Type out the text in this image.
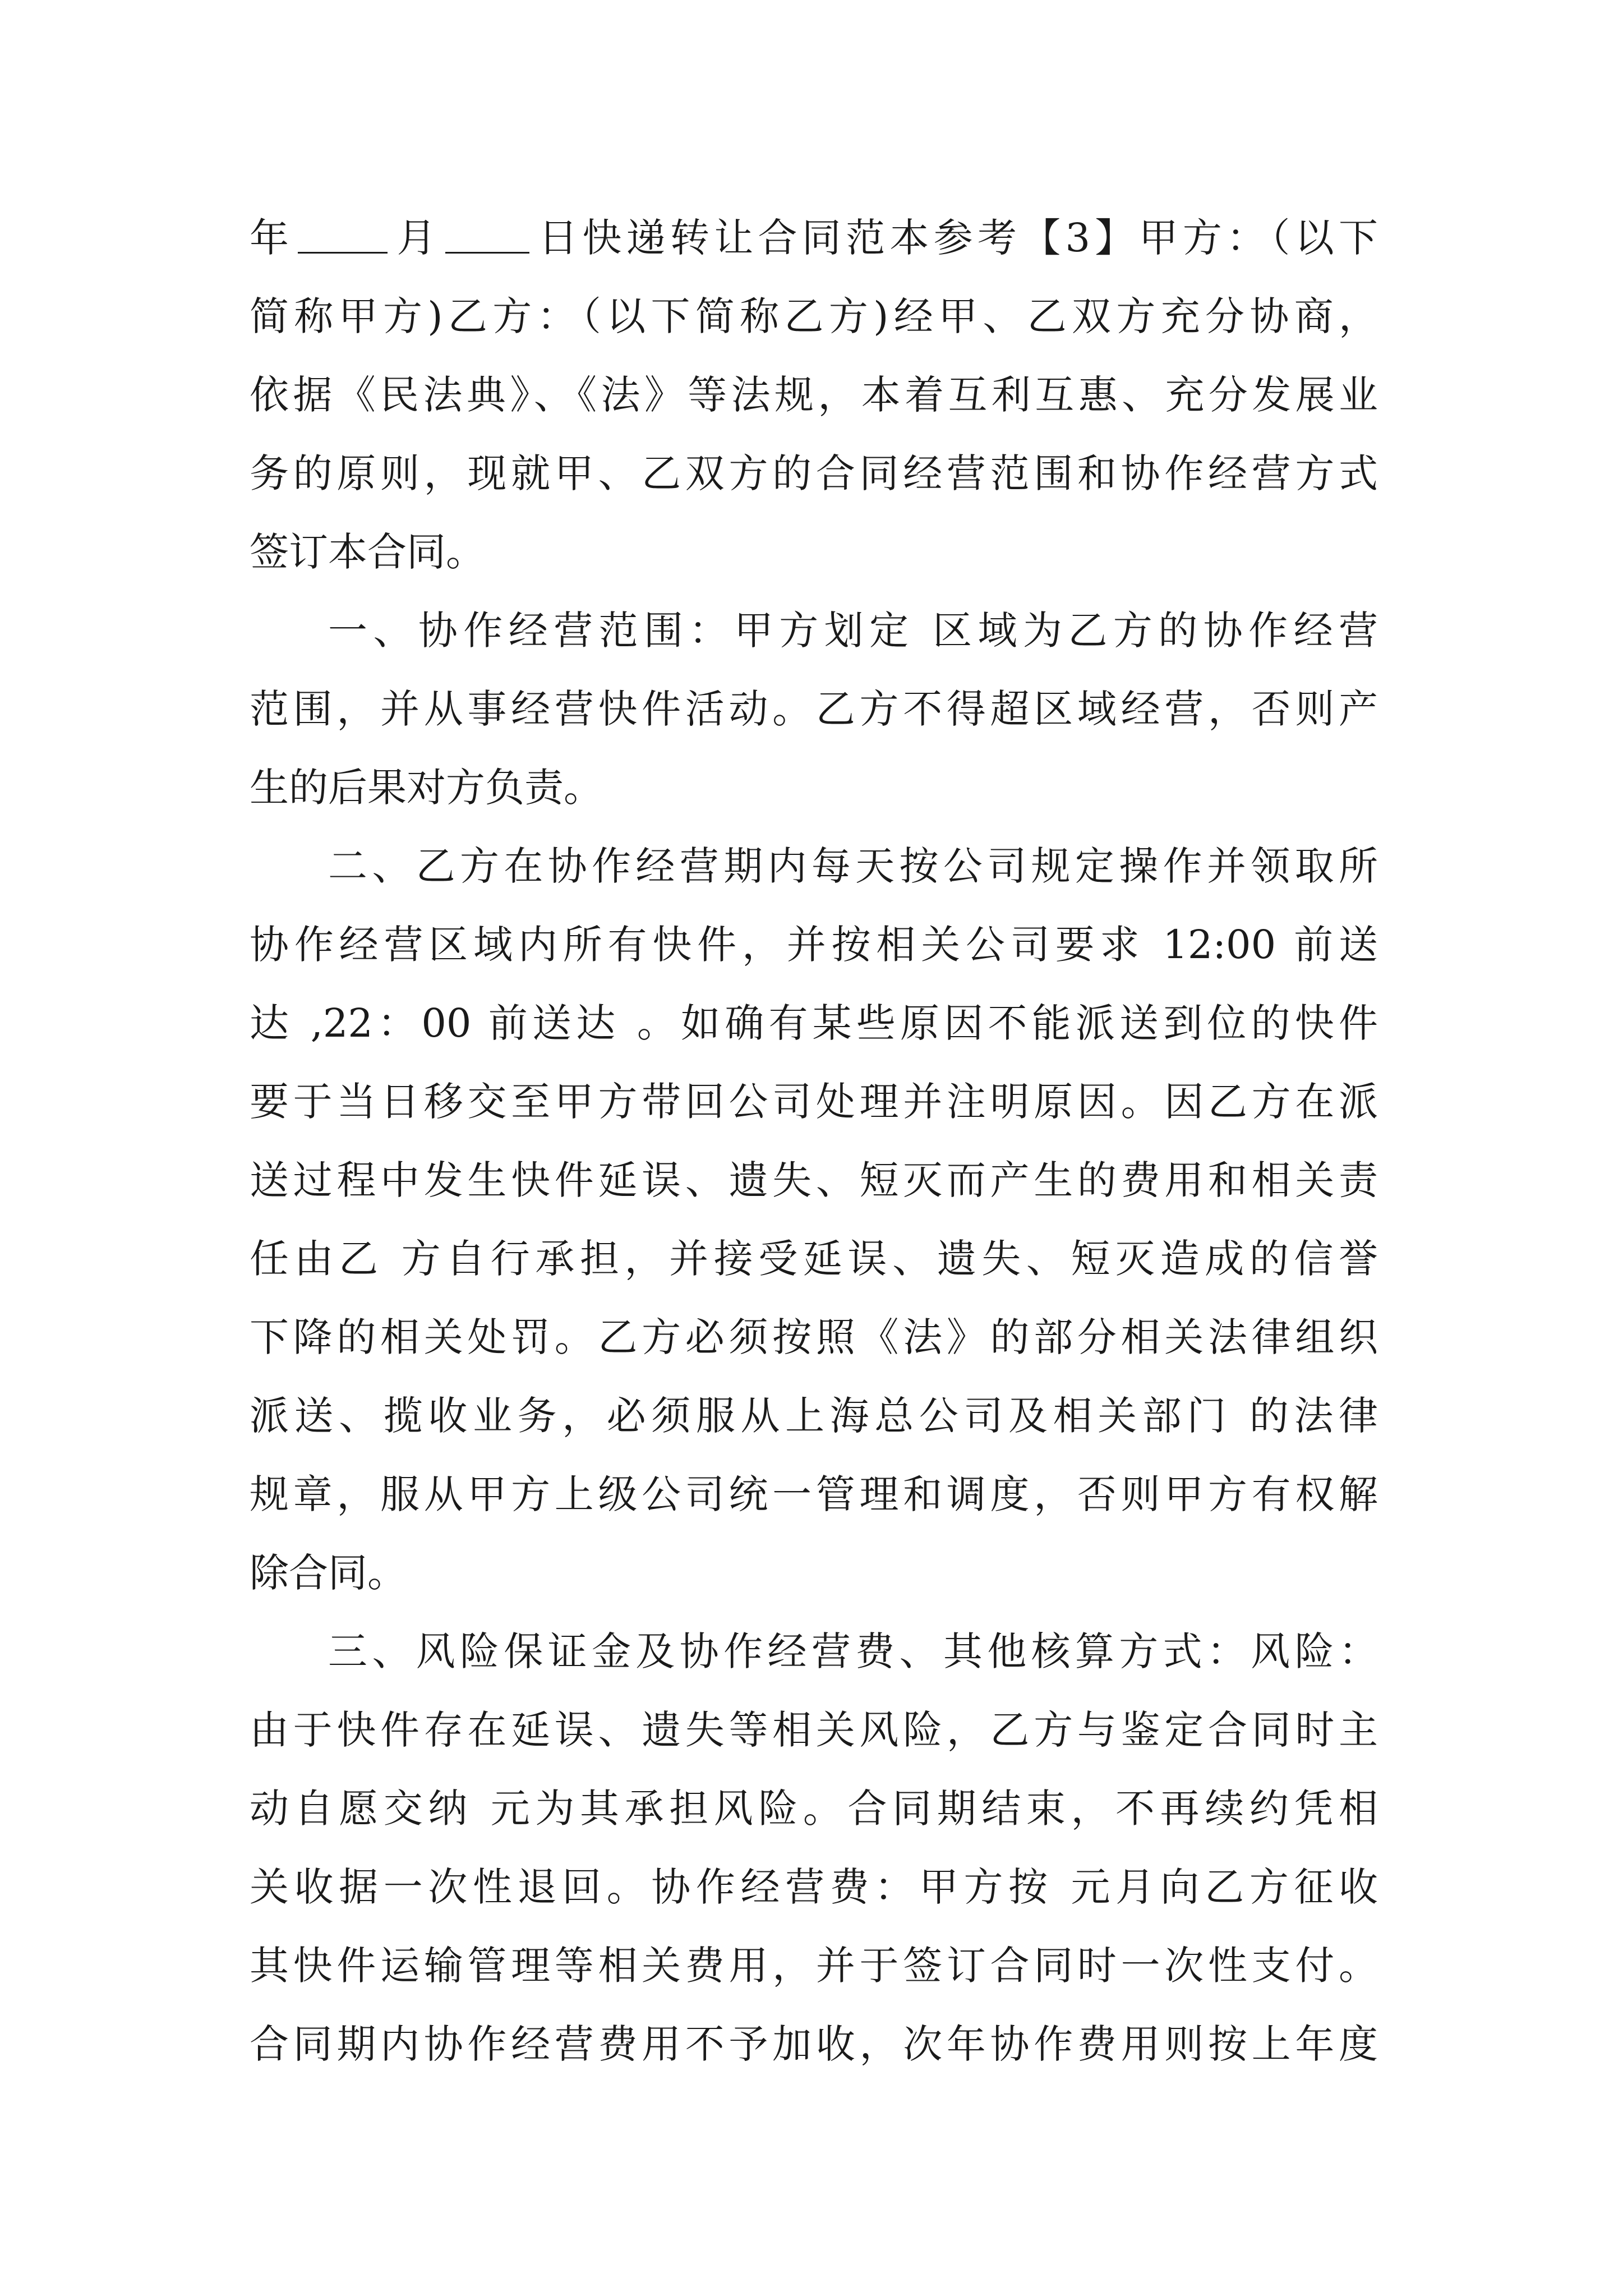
年	月 日快递转让合同范本参考【3】甲方：（以下
简称甲方)乙方：（以下简称乙方)经甲、乙双方充分协商，
依据《民法典》、《法》等法规，本着互利互惠、充分发展业
务的原则，现就甲、乙双方的合同经营范围和协作经营方式
签订本合同。
一、协作经营范围：甲方划定 区域为乙方的协作经营
范围，并从事经营快件活动。乙方不得超区域经营，否则产
生的后果对方负责。
二、乙方在协作经营期内每天按公司规定操作并领取所
协作经营区域内所有快件，并按相关公司要求 12:00 前送
达 ,22：00 前送达 。如确有某些原因不能派送到位的快件
要于当日移交至甲方带回公司处理并注明原因。因乙方在派
送过程中发生快件延误、遗失、短灭而产生的费用和相关责
任由乙 方自行承担，并接受延误、遗失、短灭造成的信誉
下降的相关处罚。乙方必须按照《法》的部分相关法律组织
派送、揽收业务，必须服从上海总公司及相关部门 的法律
规章，服从甲方上级公司统一管理和调度，否则甲方有权解
除合同。
三、风险保证金及协作经营费、其他核算方式：风险：
由于快件存在延误、遗失等相关风险，乙方与鉴定合同时主
动自愿交纳 元为其承担风险。合同期结束，不再续约凭相
关收据一次性退回。协作经营费：甲方按 元月向乙方征收
其快件运输管理等相关费用，并于签订合同时一次性支付。
合同期内协作经营费用不予加收，次年协作费用则按上年度
